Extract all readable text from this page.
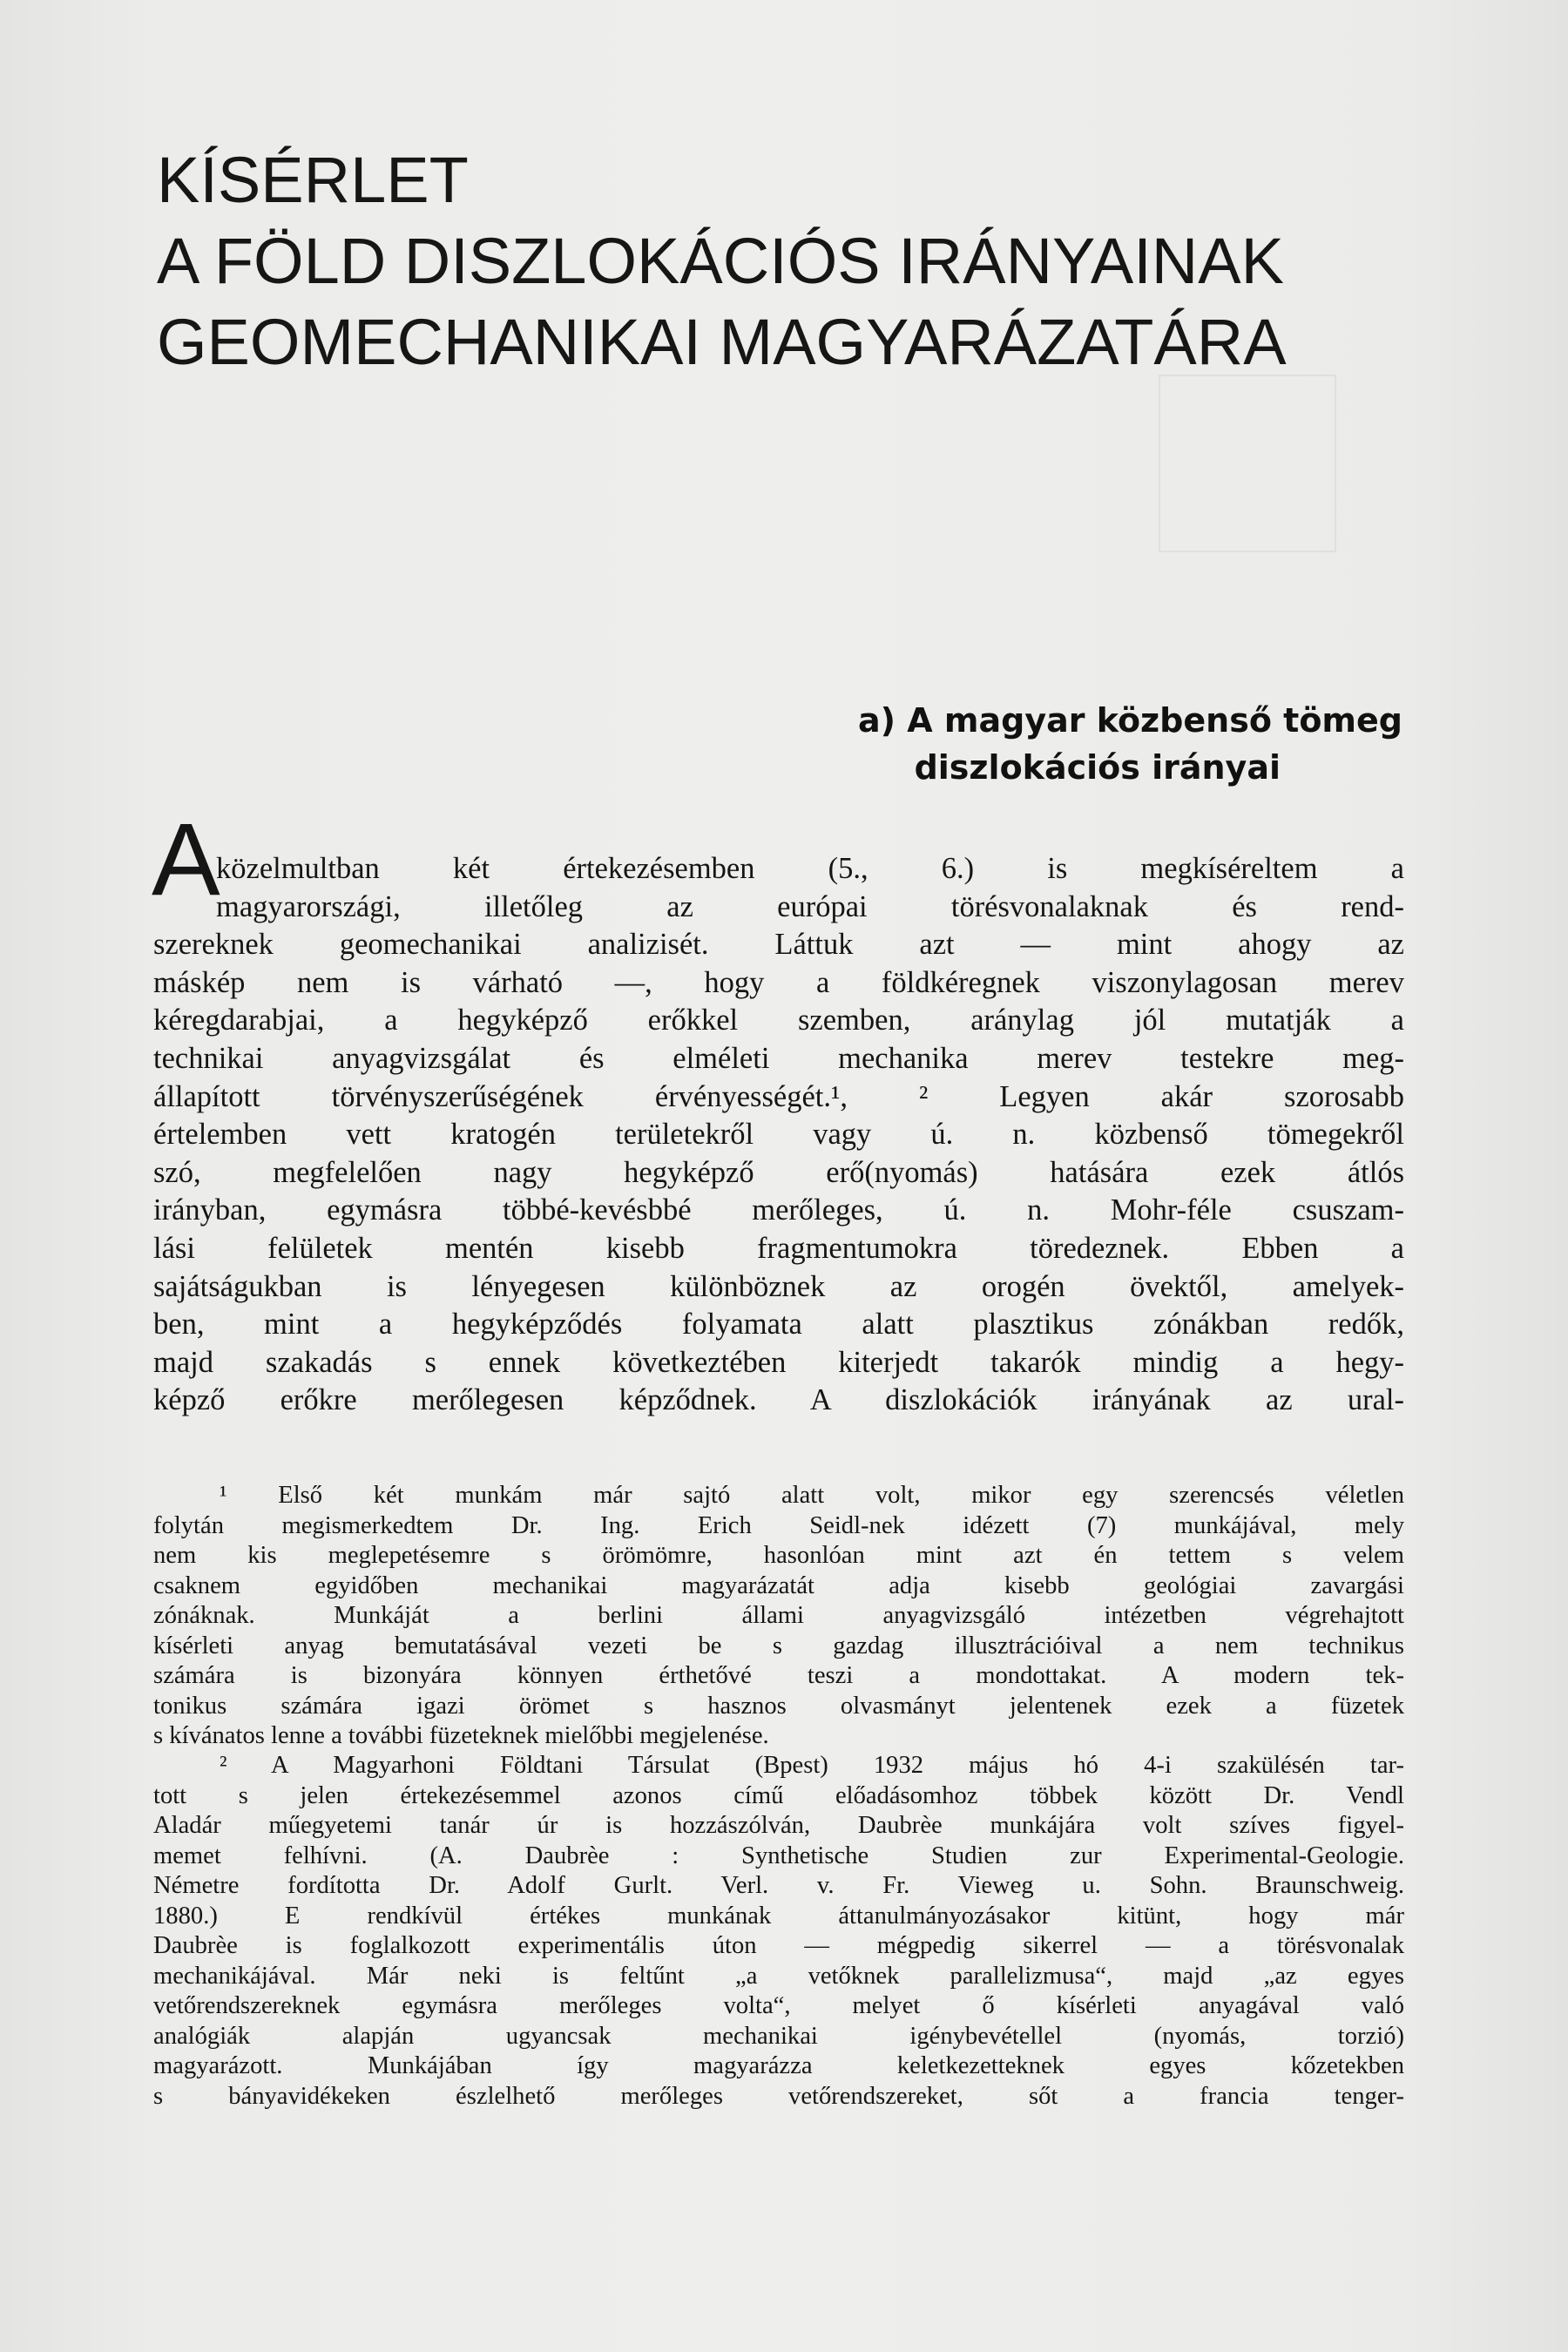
KÍSÉRLET
A FÖLD DISZLOKÁCIÓS IRÁNYAINAK
GEOMECHANIKAI MAGYARÁZATÁRA
a) A magyar közbenső tömeg
diszlokációs irányai
A
közelmultban két értekezésemben (5., 6.) is megkíséreltem a
magyarországi, illetőleg az európai törésvonalaknak és rend-
szereknek geomechanikai analizisét. Láttuk azt — mint ahogy az
máskép nem is várható —, hogy a földkéregnek viszonylagosan merev
kéregdarabjai, a hegyképző erőkkel szemben, aránylag jól mutatják a
technikai anyagvizsgálat és elméleti mechanika merev testekre meg-
állapított törvényszerűségének érvényességét.¹, ² Legyen akár szorosabb
értelemben vett kratogén területekről vagy ú. n. közbenső tömegekről
szó, megfelelően nagy hegyképző erő(nyomás) hatására ezek átlós
irányban, egymásra többé-kevésbbé merőleges, ú. n. Mohr-féle csuszam-
lási felületek mentén kisebb fragmentumokra töredeznek. Ebben a
sajátságukban is lényegesen különböznek az orogén övektől, amelyek-
ben, mint a hegyképződés folyamata alatt plasztikus zónákban redők,
majd szakadás s ennek következtében kiterjedt takarók mindig a hegy-
képző erőkre merőlegesen képződnek. A diszlokációk irányának az ural-
¹ Első két munkám már sajtó alatt volt, mikor egy szerencsés véletlen
folytán megismerkedtem Dr. Ing. Erich Seidl-nek idézett (7) munkájával, mely
nem kis meglepetésemre s örömömre, hasonlóan mint azt én tettem s velem
csaknem egyidőben mechanikai magyarázatát adja kisebb geológiai zavargási
zónáknak. Munkáját a berlini állami anyagvizsgáló intézetben végrehajtott
kísérleti anyag bemutatásával vezeti be s gazdag illusztrációival a nem technikus
számára is bizonyára könnyen érthetővé teszi a mondottakat. A modern tek-
tonikus számára igazi örömet s hasznos olvasmányt jelentenek ezek a füzetek
s kívánatos lenne a további füzeteknek mielőbbi megjelenése.
² A Magyarhoni Földtani Társulat (Bpest) 1932 május hó 4-i szakülésén tar-
tott s jelen értekezésemmel azonos című előadásomhoz többek között Dr. Vendl
Aladár műegyetemi tanár úr is hozzászólván, Daubrèe munkájára volt szíves figyel-
memet felhívni. (A. Daubrèe : Synthetische Studien zur Experimental-Geologie.
Németre fordította Dr. Adolf Gurlt. Verl. v. Fr. Vieweg u. Sohn. Braunschweig.
1880.) E rendkívül értékes munkának áttanulmányozásakor kitünt, hogy már
Daubrèe is foglalkozott experimentális úton — mégpedig sikerrel — a törésvonalak
mechanikájával. Már neki is feltűnt „a vetőknek parallelizmusa“, majd „az egyes
vetőrendszereknek egymásra merőleges volta“, melyet ő kísérleti anyagával való
analógiák alapján ugyancsak mechanikai igénybevétellel (nyomás, torzió)
magyarázott. Munkájában így magyarázza keletkezetteknek egyes kőzetekben
s bányavidékeken észlelhető merőleges vetőrendszereket, sőt a francia tenger-
